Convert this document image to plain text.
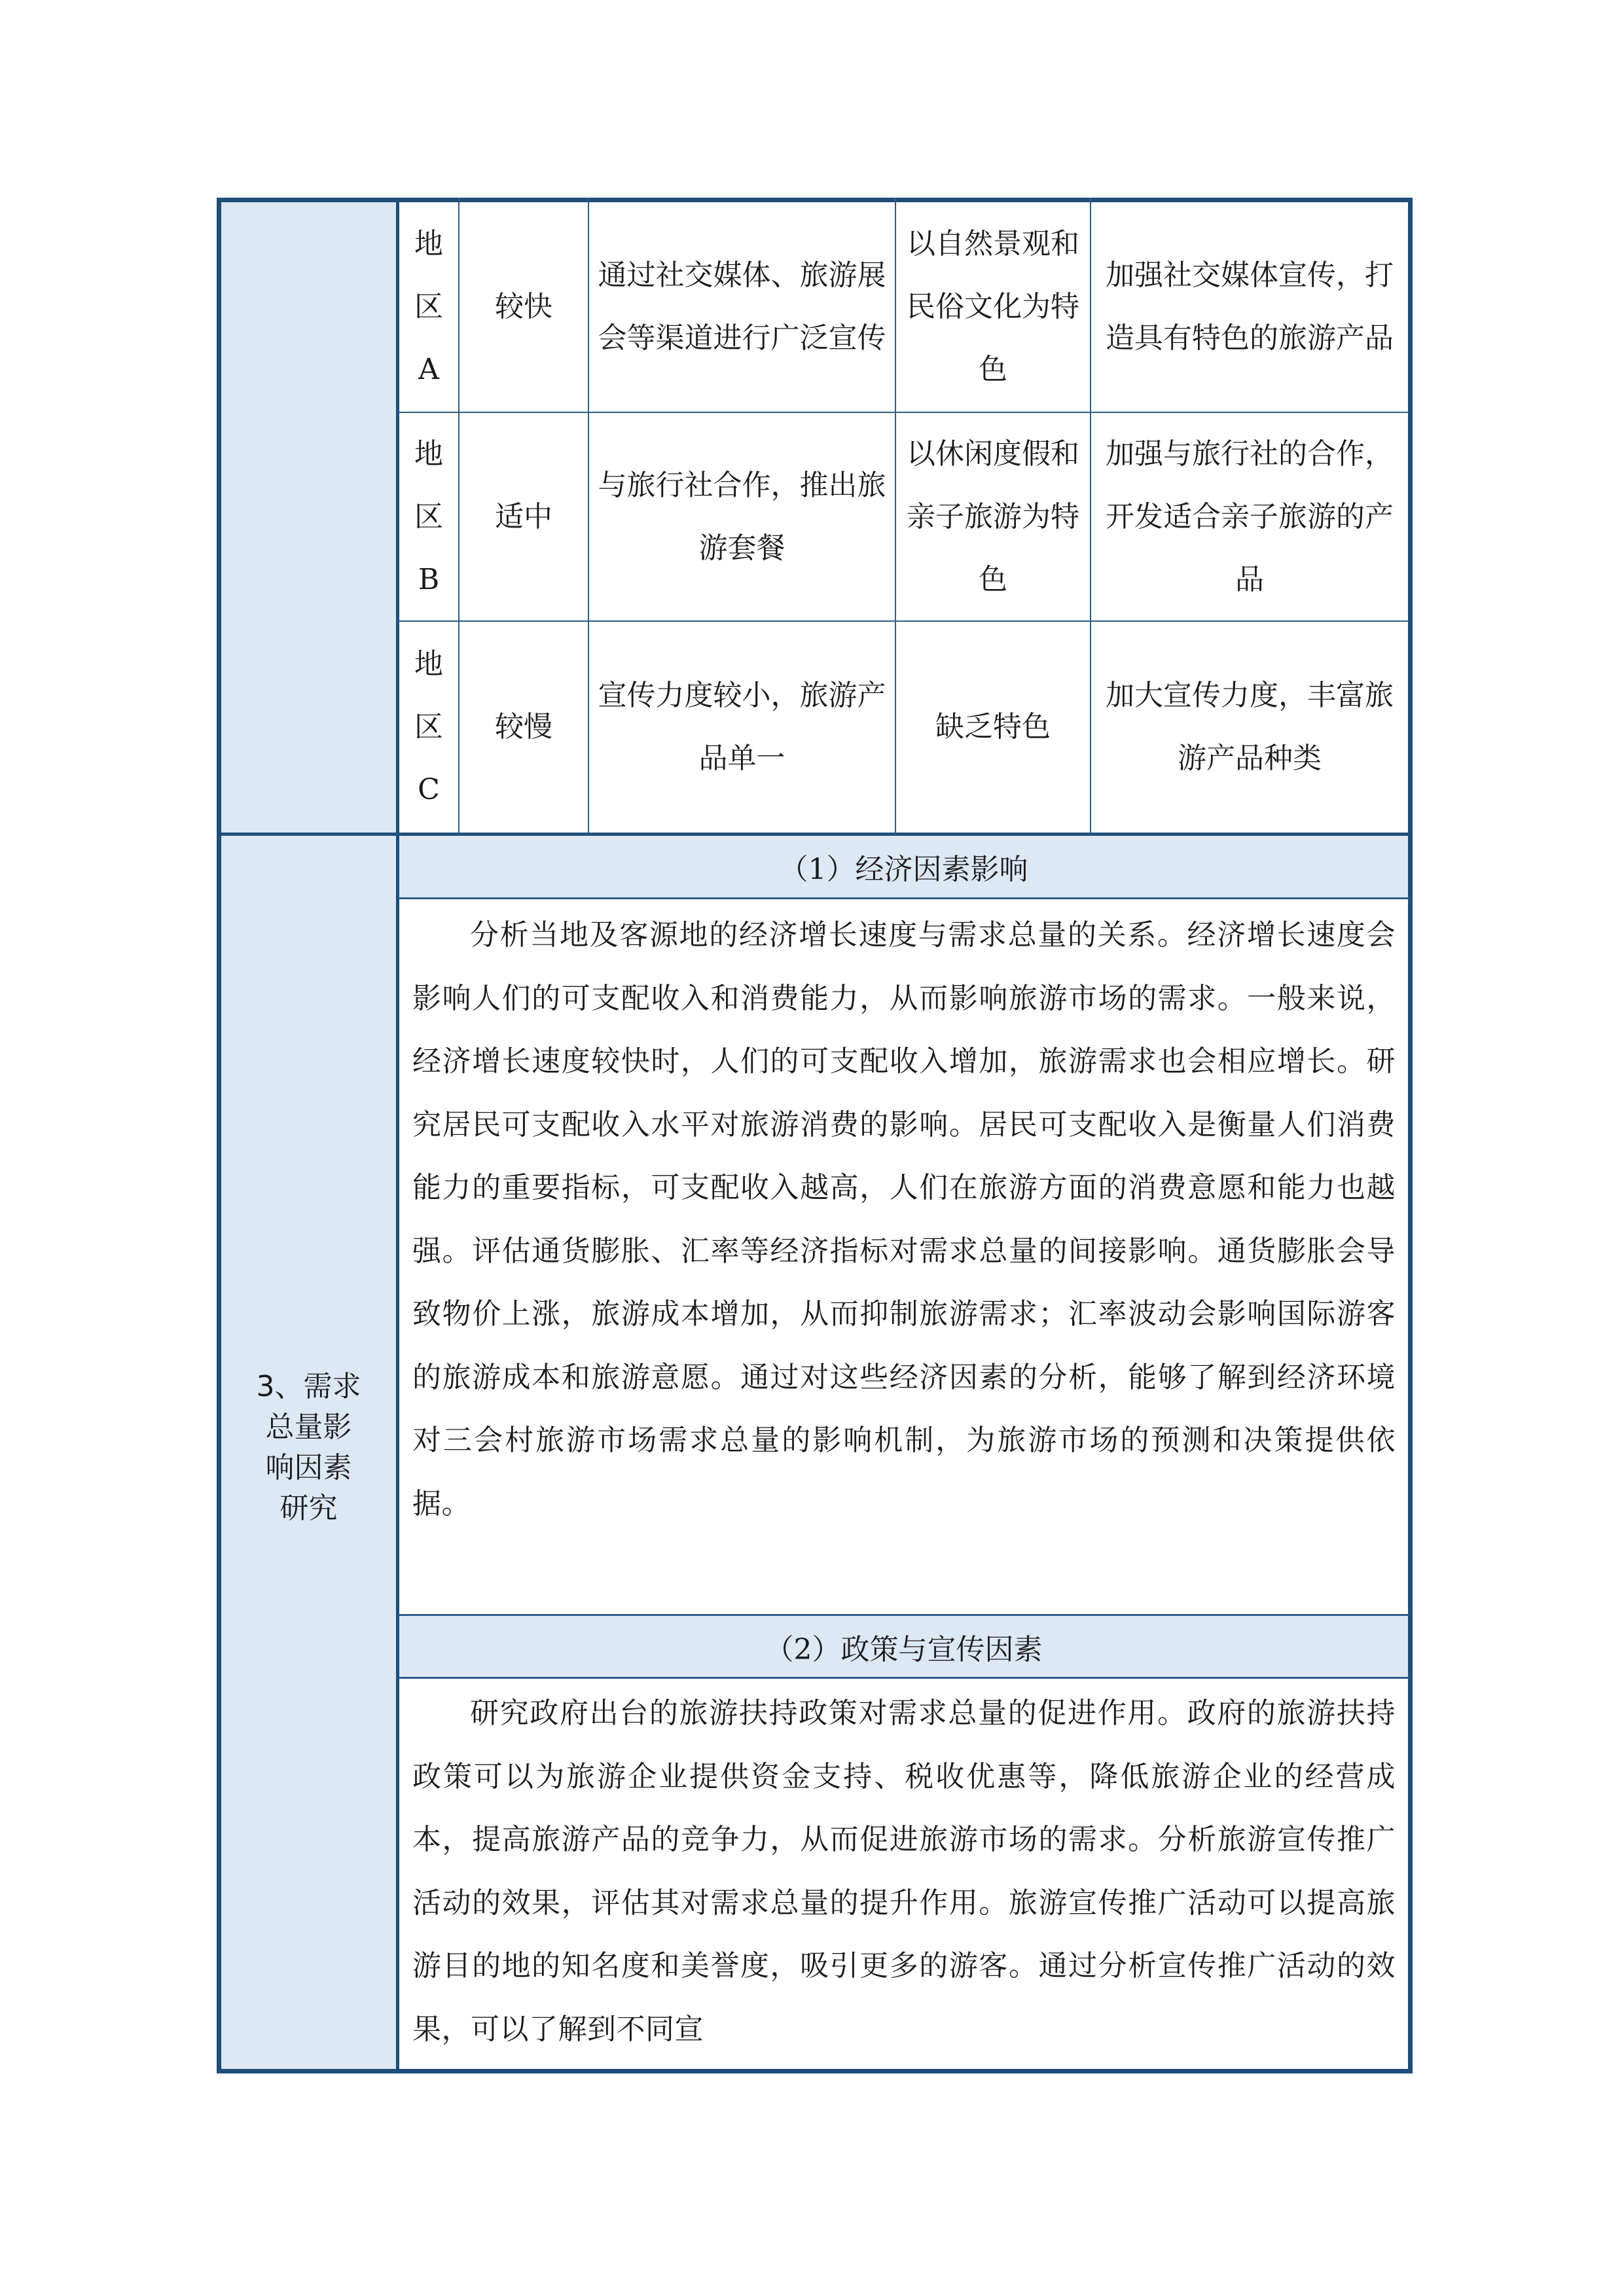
地
区
A
较快
通过社交媒体、旅游展会等渠道进行广泛宣传
以自然景观和民俗文化为特色
加强社交媒体宣传，打造具有特色的旅游产品
地
区
B
适中
与旅行社合作，推出旅游套餐
以休闲度假和亲子旅游为特色
加强与旅行社的合作，开发适合亲子旅游的产品
地
区
C
较慢
宣传力度较小，旅游产品单一
缺乏特色
加大宣传力度，丰富旅游产品种类
3、需求
总量影
响因素
研究
（1）经济因素影响
分析当地及客源地的经济增长速度与需求总量的关系。经济增长速度会影响人们的可支配收入和消费能力，从而影响旅游市场的需求。一般来说，经济增长速度较快时，人们的可支配收入增加，旅游需求也会相应增长。研究居民可支配收入水平对旅游消费的影响。居民可支配收入是衡量人们消费能力的重要指标，可支配收入越高，人们在旅游方面的消费意愿和能力也越强。评估通货膨胀、汇率等经济指标对需求总量的间接影响。通货膨胀会导致物价上涨，旅游成本增加，从而抑制旅游需求；汇率波动会影响国际游客的旅游成本和旅游意愿。通过对这些经济因素的分析，能够了解到经济环境对三会村旅游市场需求总量的影响机制，为旅游市场的预测和决策提供依据。
（2）政策与宣传因素
研究政府出台的旅游扶持政策对需求总量的促进作用。政府的旅游扶持政策可以为旅游企业提供资金支持、税收优惠等，降低旅游企业的经营成本，提高旅游产品的竞争力，从而促进旅游市场的需求。分析旅游宣传推广活动的效果，评估其对需求总量的提升作用。旅游宣传推广活动可以提高旅游目的地的知名度和美誉度，吸引更多的游客。通过分析宣传推广活动的效果，可以了解到不同宣
